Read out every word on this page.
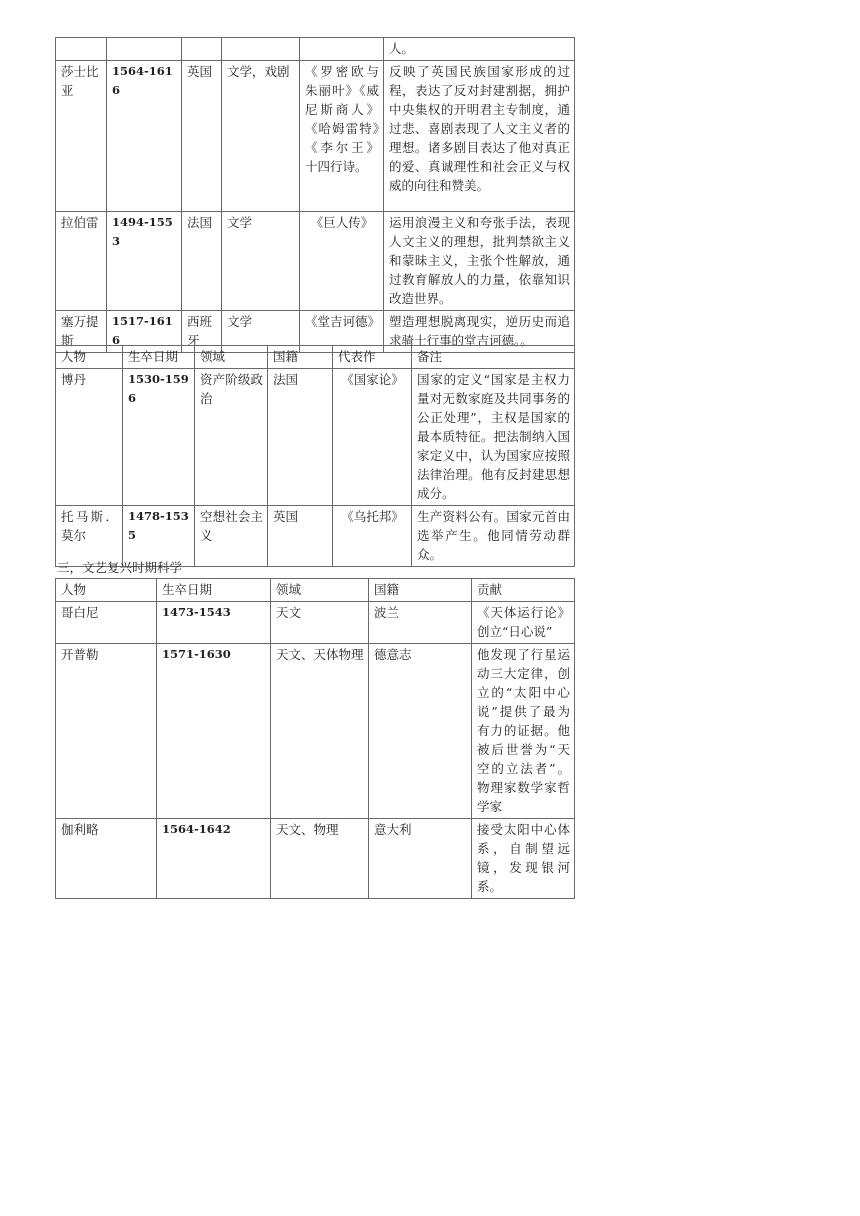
					人。
莎士比亚	1564-1616	英国	文学，戏剧	《罗密欧与朱丽叶》《威尼斯商人》《哈姆雷特》《李尔王》十四行诗。	反映了英国民族国家形成的过程，表达了反对封建割据，拥护中央集权的开明君主专制度，通过悲、喜剧表现了人文主义者的理想。诸多剧目表达了他对真正的爱、真诚理性和社会正义与权威的向往和赞美。
拉伯雷	1494-1553	法国	文学	《巨人传》	运用浪漫主义和夸张手法，表现人文主义的理想，批判禁欲主义和蒙昧主义，主张个性解放，通过教育解放人的力量，依靠知识改造世界。
塞万提斯	1517-1616	西班牙	文学	《堂吉诃德》	塑造理想脱离现实，逆历史而追求骑士行事的堂吉诃德。。
人物	生卒日期	领域	国籍	代表作	备注
博丹	1530-1596	资产阶级政治	法国	《国家论》	国家的定义“国家是主权力量对无数家庭及共同事务的公正处理”，主权是国家的最本质特征。把法制纳入国家定义中，认为国家应按照法律治理。他有反封建思想成分。
托马斯．莫尔	1478-1535	空想社会主义	英国	《乌托邦》	生产资料公有。国家元首由选举产生。他同情劳动群众。
三，文艺复兴时期科学
人物	生卒日期	领域	国籍	贡献
哥白尼	1473-1543	天文	波兰	《天体运行论》创立“日心说”
开普勒	1571-1630	天文、天体物理	德意志	他发现了行星运动三大定律，创立的“太阳中心说”提供了最为有力的证据。他被后世誉为“天空的立法者”。物理家数学家哲学家
伽利略	1564-1642	天文、物理	意大利	接受太阳中心体系，自制望远镜，发现银河系。
